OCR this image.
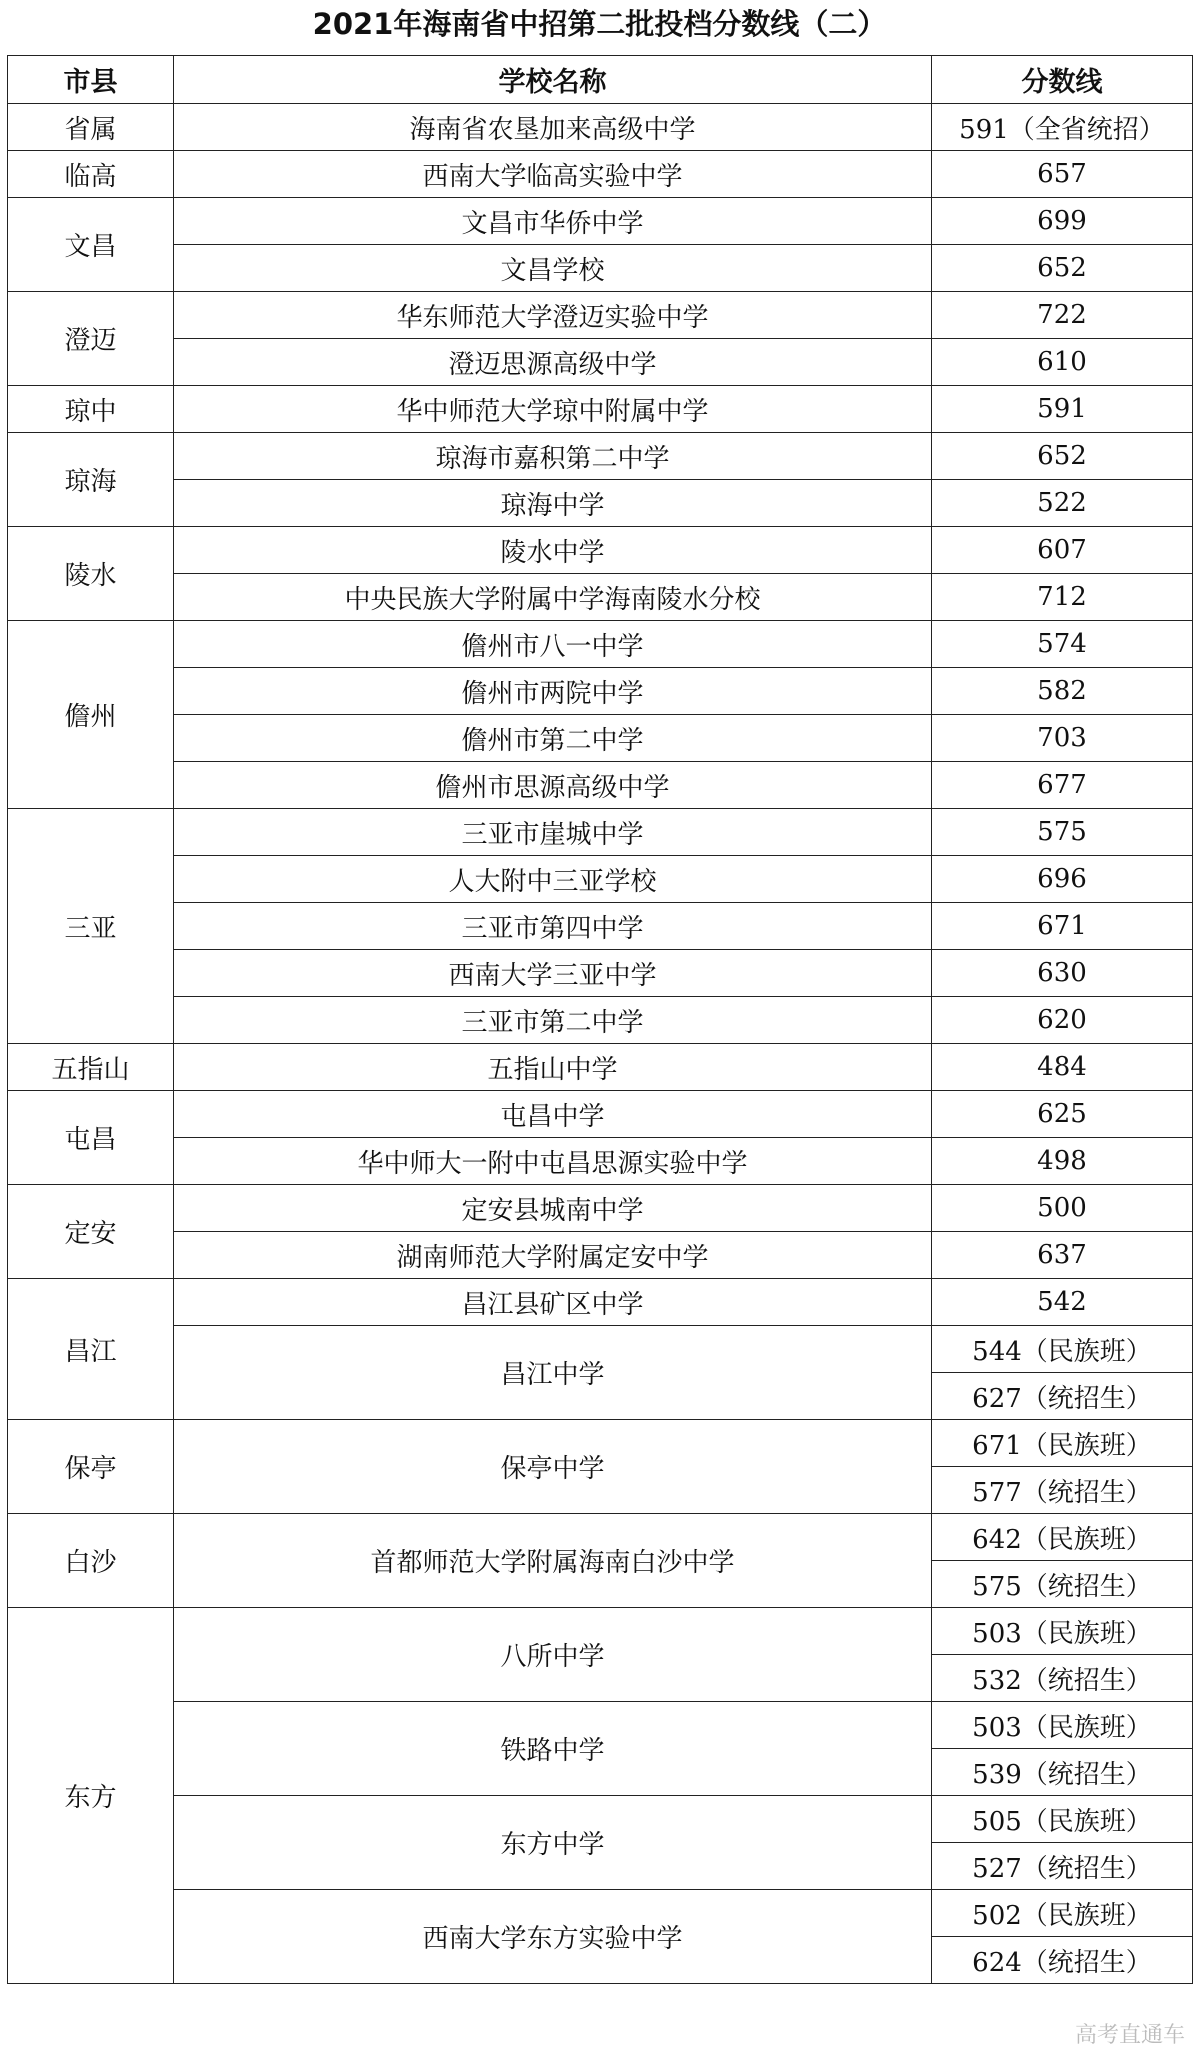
2021年海南省中招第二批投档分数线（二）
市县	学校名称	分数线
省属	海南省农垦加来高级中学	591（全省统招）
临高	西南大学临高实验中学	657
文昌	文昌市华侨中学	699
	文昌学校	652
澄迈	华东师范大学澄迈实验中学	722
	澄迈思源高级中学	610
琼中	华中师范大学琼中附属中学	591
琼海	琼海市嘉积第二中学	652
	琼海中学	522
陵水	陵水中学	607
	中央民族大学附属中学海南陵水分校	712
儋州	儋州市八一中学	574
	儋州市两院中学	582
	儋州市第二中学	703
	儋州市思源高级中学	677
三亚	三亚市崖城中学	575
	人大附中三亚学校	696
	三亚市第四中学	671
	西南大学三亚中学	630
	三亚市第二中学	620
五指山	五指山中学	484
屯昌	屯昌中学	625
	华中师大一附中屯昌思源实验中学	498
定安	定安县城南中学	500
	湖南师范大学附属定安中学	637
昌江	昌江县矿区中学	542
	昌江中学	544（民族班）
		627（统招生）
保亭	保亭中学	671（民族班）
		577（统招生）
白沙	首都师范大学附属海南白沙中学	642（民族班）
		575（统招生）
东方	八所中学	503（民族班）
		532（统招生）
	铁路中学	503（民族班）
		539（统招生）
	东方中学	505（民族班）
		527（统招生）
	西南大学东方实验中学	502（民族班）
		624（统招生）
高考直通车
